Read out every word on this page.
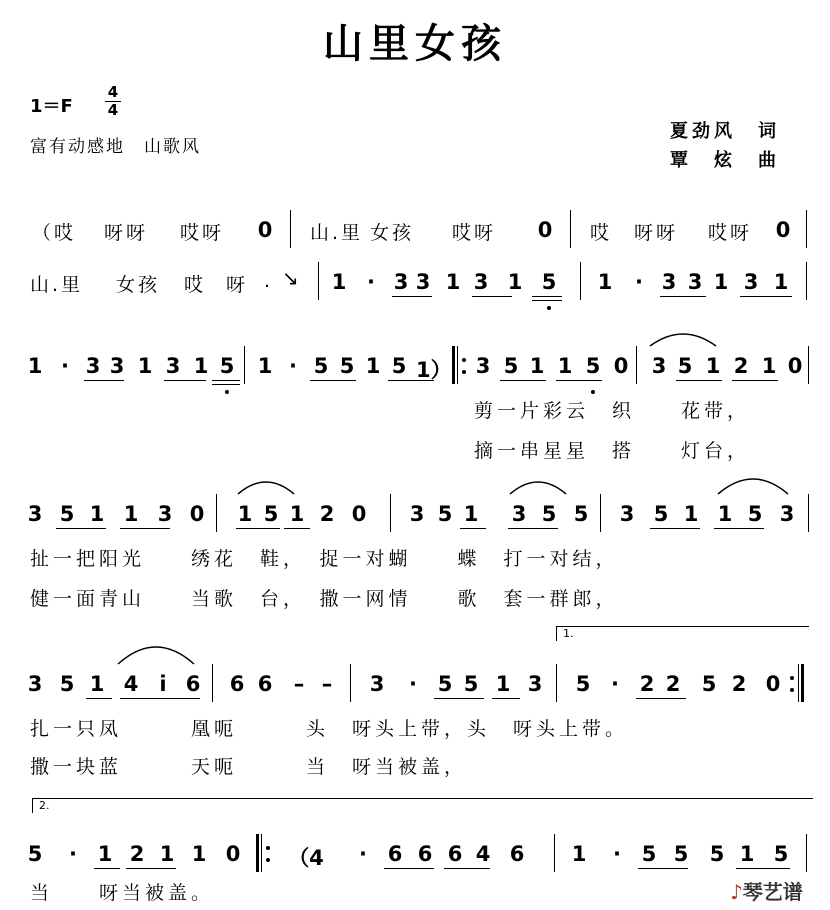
山里女孩
1＝F
4
4
富有动感地　山歌风
夏劲风　词
覃　炫　曲
（哎 呀呀 哎呀 0 山.里 女孩 哎呀 0 哎 呀呀 哎呀 0
山.里 女孩 哎 呀 . ↘ 1 · 3 3 1 3 1 5 1 · 3 3 1 3 1
1 · 3 3 1 3 1 5 1 · 5 5 1 5 1） 3 5 1 1 5 0 3 5 1 2 1 0
剪一片彩云　织　　花带，
摘一串星星　搭　　灯台，
3 5 1 1 3 0 1 5 1 2 0 3 5 1 3 5 5 3 5 1 1 5 3
扯一把阳光　　绣花　鞋，　捉一对蝴　　蝶　打一对结，
健一面青山　　当歌　台，　撒一网情　　歌　套一群郎，
1.
3 5 1 4 i 6 6 6 – – 3 · 5 5 1 3 5 · 2 2 5 2 0
扎一只凤　　　凰呃　　　头　呀头上带，头　呀头上带。
撒一块蓝　　　天呃　　　当　呀当被盖，
2.
5 · 1 2 1 1 0 （4 · 6 6 6 4 6 1 · 5 5 5 1 5
当　　呀当被盖。	♪琴艺谱
